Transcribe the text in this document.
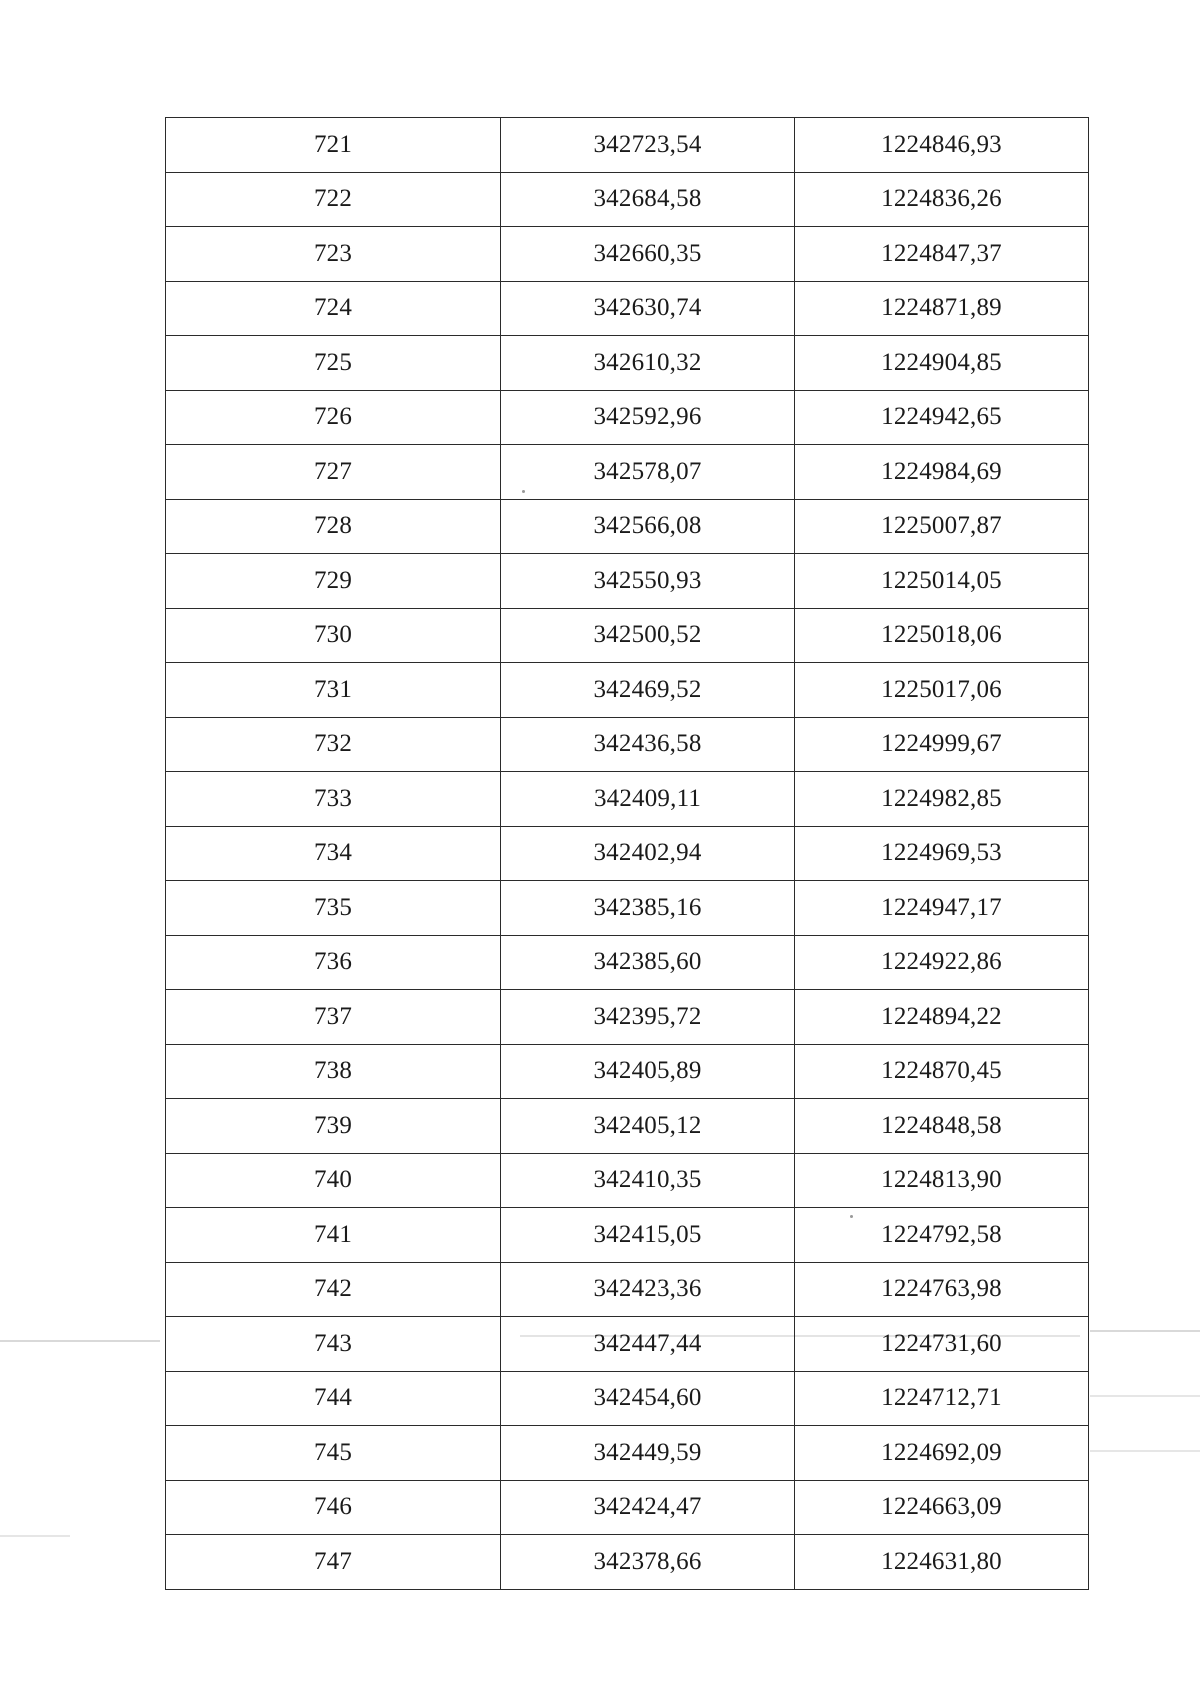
721	342723,54	1224846,93
722	342684,58	1224836,26
723	342660,35	1224847,37
724	342630,74	1224871,89
725	342610,32	1224904,85
726	342592,96	1224942,65
727	342578,07	1224984,69
728	342566,08	1225007,87
729	342550,93	1225014,05
730	342500,52	1225018,06
731	342469,52	1225017,06
732	342436,58	1224999,67
733	342409,11	1224982,85
734	342402,94	1224969,53
735	342385,16	1224947,17
736	342385,60	1224922,86
737	342395,72	1224894,22
738	342405,89	1224870,45
739	342405,12	1224848,58
740	342410,35	1224813,90
741	342415,05	1224792,58
742	342423,36	1224763,98
743	342447,44	1224731,60
744	342454,60	1224712,71
745	342449,59	1224692,09
746	342424,47	1224663,09
747	342378,66	1224631,80
